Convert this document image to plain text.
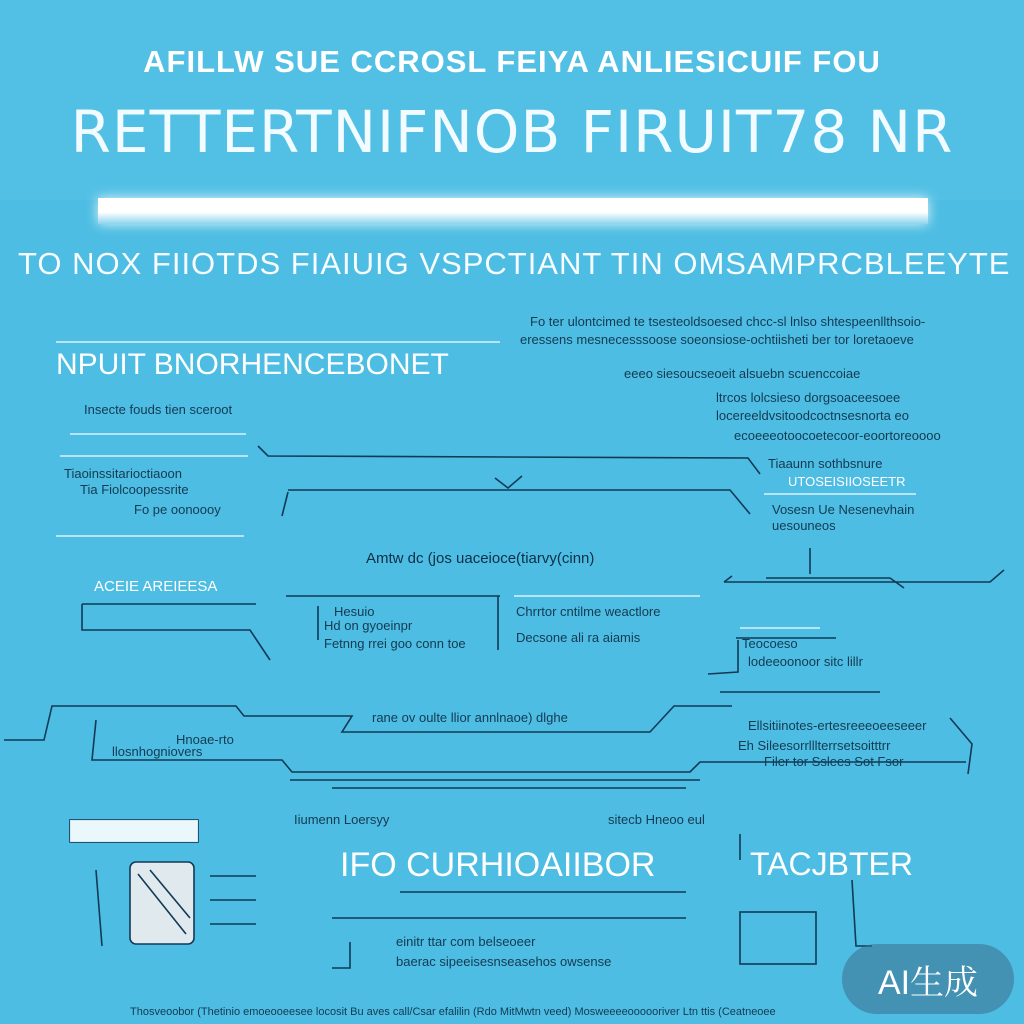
AFILLW SUE CCROSL FEIYA ANLIESICUIF FOU
RETTERTNIFNOB FIRUIT78 NR
TO NOX FIIOTDS FIAIUIG VSPCTIANT TIN OMSAMPRCBLEEYTE
Fo ter ulontcimed te tsesteoldsoesed chcc-sl lnlso shtespeenllthsoio-
eressens mesnecesssoose soeonsiose-ochtiisheti ber tor loretaoeve
eeeo siesoucseoeit alsuebn scuenccoiae
ltrcos lolcsieso dorgsoaceesoee
locereeldvsitoodcoctnsesnorta eo
ecoeeeotoocoetecoor-eoortoreoooo
NPUIT BNORHENCEBONET
Insecte fouds tien sceroot
Tiaoinssitarioctiaoon
Tia Fiolcoopessrite
Fo pe oonoooy
ACEIE AREIEESA
Tiaaunn sothbsnure
UTOSEISIIOSEETR
Vosesn Ue Nesenevhain
uesouneos
Amtw dc (jos uaceioce(tiarvy(cinn)
Hesuio
Hd on gyoeinpr
Fetnng rrei goo conn toe
Chrrtor cntilme weactlore
Decsone ali ra aiamis
rane ov oulte llior annlnaoe) dlghe
Hnoae-rto
llosnhogniovers
Teocoeso
lodeeoonoor sitc lillr
Ellsitiinotes-ertesreeeoeeseeer
Eh Sileesorrlllterrsetsoitttrr
Filer tor Sslees Sot Fsor
Iiumenn Loersyy	sitecb Hneoo eul
IFO CURHIOAIIBOR	TACJBTER
einitr ttar com belseoeer
baerac sipeeisesnseasehos owsense
Thosveoobor (Thetinio emoeooeesee locosit Bu aves call/Csar efalilin (Rdo MitMwtn veed) Mosweeeeoooooriver Ltn ttis (Ceatneoee
AI生成
